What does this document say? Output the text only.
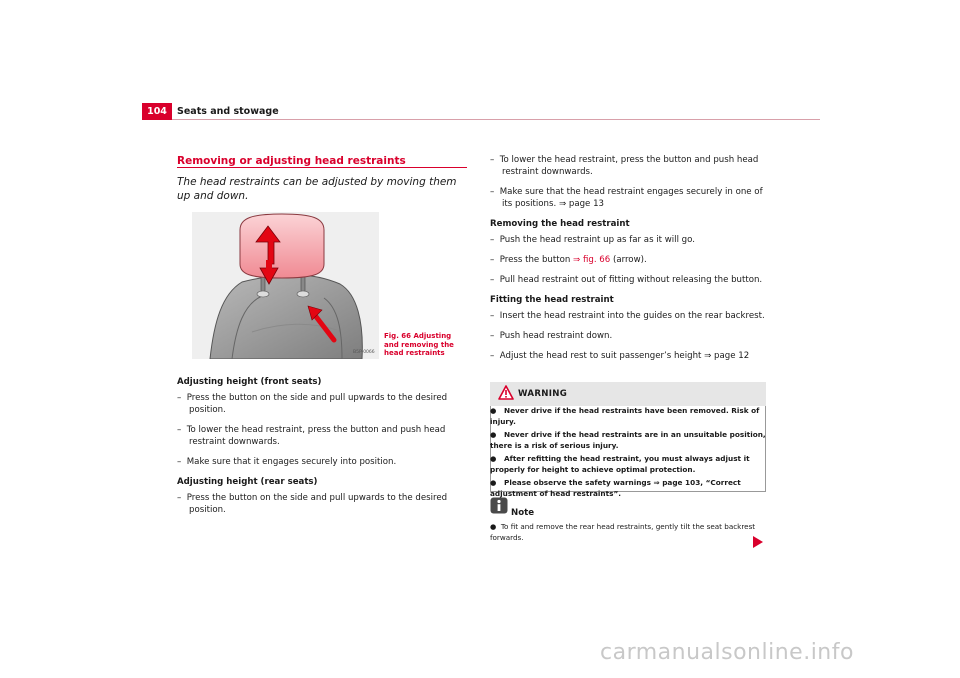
104	Seats and stowage
Removing or adjusting head restraints
The head restraints can be adjusted by moving them up and down.
B5P-0066
Fig. 66 Adjusting and removing the head restraints
Adjusting height (front seats)
–  Press the button on the side and pull upwards to the desired position.
–  To lower the head restraint, press the button and push head restraint downwards.
–  Make sure that it engages securely into position.
Adjusting height (rear seats)
–  Press the button on the side and pull upwards to the desired position.
–  To lower the head restraint, press the button and push head restraint downwards.
–  Make sure that the head restraint engages securely in one of its positions. ⇒ page 13
Removing the head restraint
–  Push the head restraint up as far as it will go.
–  Press the button ⇒ fig. 66 (arrow).
–  Pull head restraint out of fitting without releasing the button.
Fitting the head restraint
–  Insert the head restraint into the guides on the rear backrest.
–  Push head restraint down.
–  Adjust the head rest to suit passenger’s height ⇒ page 12
WARNING
●   Never drive if the head restraints have been removed. Risk of injury.
●   Never drive if the head restraints are in an unsuitable position, there is a risk of serious injury.
●   After refitting the head restraint, you must always adjust it properly for height to achieve optimal protection.
●   Please observe the safety warnings ⇒ page 103, “Correct adjustment of head restraints”.
Note
●  To fit and remove the rear head restraints, gently tilt the seat backrest forwards.
carmanualsonline.info
